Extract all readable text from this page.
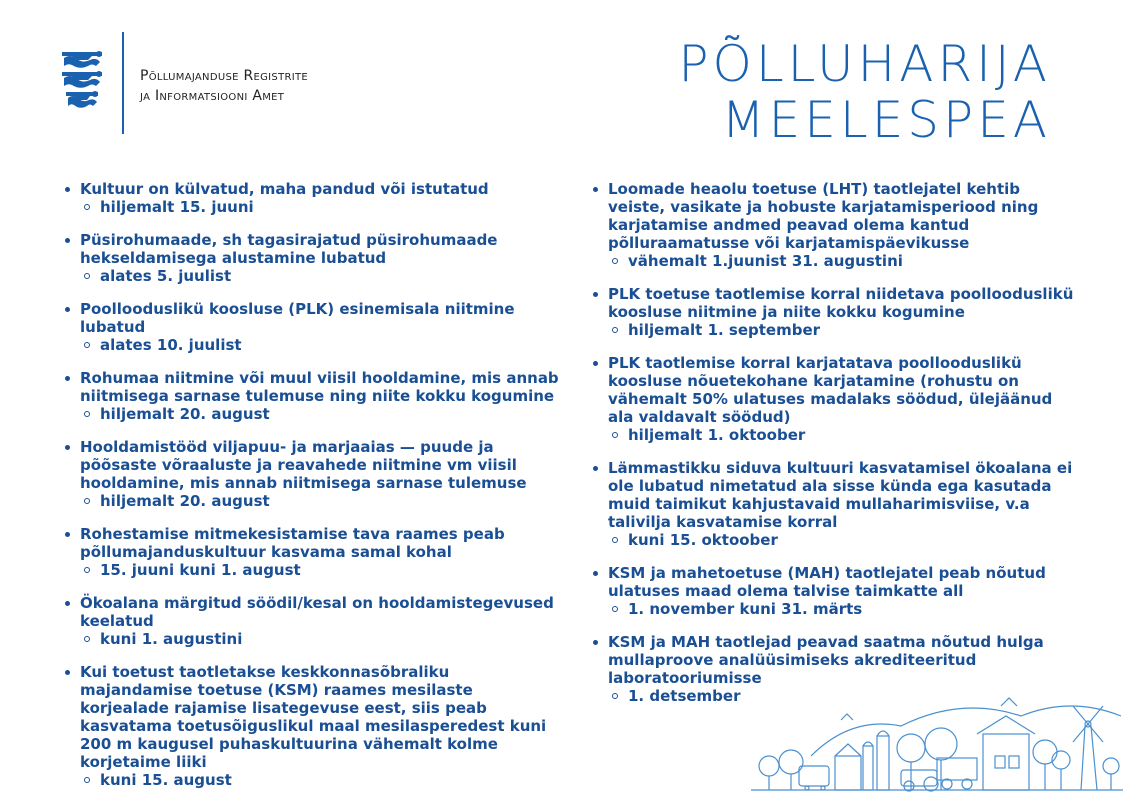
Põllumajanduse Registrite
ja Informatsiooni Amet
PÕLLUHARIJA
MEELESPEA
Kultuur on külvatud, maha pandud või istutatud
hiljemalt 15. juuni
Püsirohumaade, sh tagasirajatud püsirohumaade hekseldamisega alustamine lubatud
alates 5. juulist
Poollooduslikü koosluse (PLK) esinemisala niitmine lubatud
alates 10. juulist
Rohumaa niitmine või muul viisil hooldamine, mis annab niitmisega sarnase tulemuse ning niite kokku kogumine
hiljemalt 20. august
Hooldamistööd viljapuu- ja marjaaias — puude ja põõsaste võraaluste ja reavahede niitmine vm viisil hooldamine, mis annab niitmisega sarnase tulemuse
hiljemalt 20. august
Rohestamise mitmekesistamise tava raames peab põllumajanduskultuur kasvama samal kohal
15. juuni kuni 1. august
Ökoalana märgitud söödil/kesal on hooldamistegevused keelatud
kuni 1. augustini
Kui toetust taotletakse keskkonnasõbraliku majandamise toetuse (KSM) raames mesilaste korjealade rajamise lisategevuse eest, siis peab kasvatama toetusõiguslikul maal mesilasperedest kuni 200 m kaugusel puhaskultuurina vähemalt kolme korjetaime liiki
kuni 15. august
Loomade heaolu toetuse (LHT) taotlejatel kehtib veiste, vasikate ja hobuste karjatamisperiood ning karjatamise andmed peavad olema kantud põlluraamatusse või karjatamispäevikusse
vähemalt 1.juunist 31. augustini
PLK toetuse taotlemise korral niidetava poollooduslikü koosluse niitmine ja niite kokku kogumine
hiljemalt 1. september
PLK taotlemise korral karjatatava poollooduslikü koosluse nõuetekohane karjatamine (rohustu on vähemalt 50% ulatuses madalaks söödud, ülejäänud ala valdavalt söödud)
hiljemalt 1. oktoober
Lämmastikku siduva kultuuri kasvatamisel ökoalana ei ole lubatud nimetatud ala sisse künda ega kasutada muid taimikut kahjustavaid mullaharimisviise, v.a talivilja kasvatamise korral
kuni 15. oktoober
KSM ja mahetoetuse (MAH) taotlejatel peab nõutud ulatuses maad olema talvise taimkatte all
1. november kuni 31. märts
KSM ja MAH taotlejad peavad saatma nõutud hulga mullaproove analüüsimiseks akrediteeritud laboratooriumisse
1. detsember
